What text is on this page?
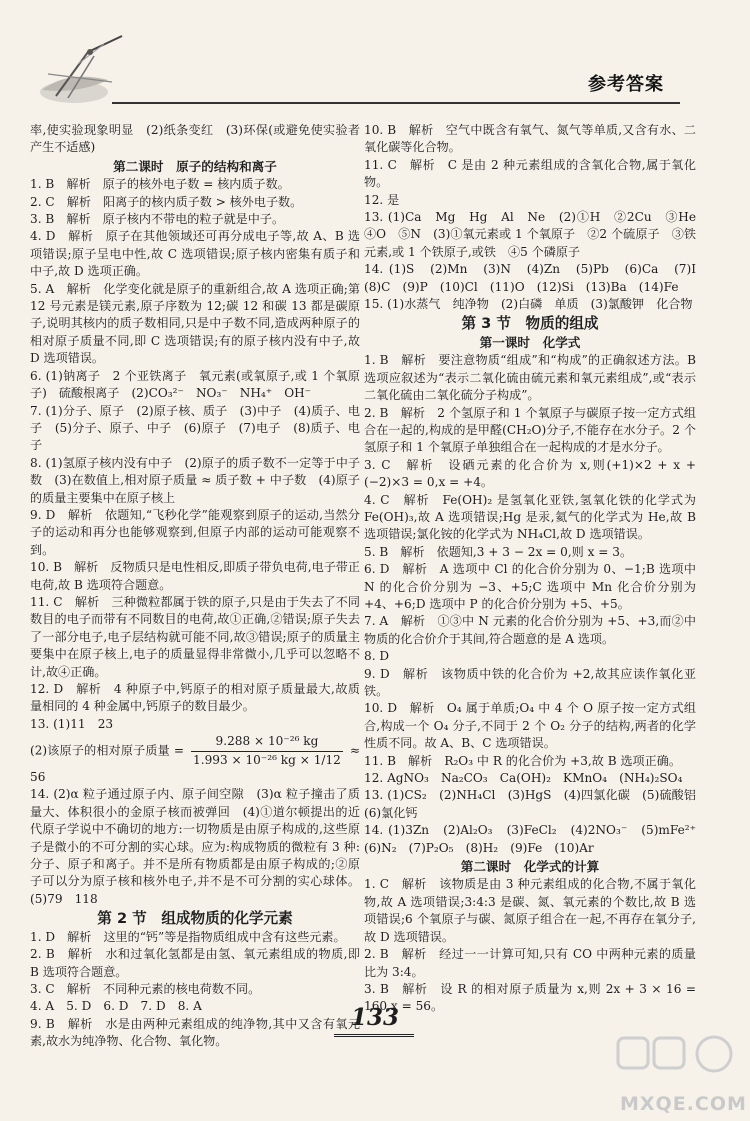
参考答案

率,使实验现象明显　(2)纸条变红　(3)环保(或避免使实验者产生不适感)

第二课时　原子的结构和离子

1. B　解析　原子的核外电子数 = 核内质子数。

2. C　解析　阳离子的核内质子数 > 核外电子数。

3. B　解析　原子核内不带电的粒子就是中子。

4. D　解析　原子在其他领域还可再分成电子等,故 A、B 选项错误;原子呈电中性,故 C 选项错误;原子核内密集有质子和中子,故 D 选项正确。

5. A　解析　化学变化就是原子的重新组合,故 A 选项正确;第 12 号元素是镁元素,原子序数为 12;碳 12 和碳 13 都是碳原子,说明其核内的质子数相同,只是中子数不同,造成两种原子的相对原子质量不同,即 C 选项错误;有的原子核内没有中子,故 D 选项错误。

6. (1)钠离子　2 个亚铁离子　氧元素(或氧原子,或 1 个氧原子)　硫酸根离子　(2)CO₃²⁻　NO₃⁻　NH₄⁺　OH⁻

7. (1)分子、原子　(2)原子核、质子　(3)中子　(4)质子、电子　(5)分子、原子、中子　(6)原子　(7)电子　(8)质子、电子

8. (1)氢原子核内没有中子　(2)原子的质子数不一定等于中子数　(3)在数值上,相对原子质量 ≈ 质子数 + 中子数　(4)原子的质量主要集中在原子核上

9. D　解析　依题知,“飞秒化学”能观察到原子的运动,当然分子的运动和再分也能够观察到,但原子内部的运动可能观察不到。

10. B　解析　反物质只是电性相反,即质子带负电荷,电子带正电荷,故 B 选项符合题意。

11. C　解析　三种微粒都属于铁的原子,只是由于失去了不同数目的电子而带有不同数目的电荷,故①正确,②错误;原子失去了一部分电子,电子层结构就可能不同,故③错误;原子的质量主要集中在原子核上,电子的质量显得非常微小,几乎可以忽略不计,故④正确。

12. D　解析　4 种原子中,钙原子的相对原子质量最大,故质量相同的 4 种金属中,钙原子的数目最少。

13. (1)11　23

(2)该原子的相对原子质量 = $\frac{\text{9.288 × 10⁻²⁶ kg}}{\text{1.993 × 10⁻²⁶ kg × 1/12}} \approx 56$

14. (2)α 粒子通过原子内、原子间空隙　(3)α 粒子撞击了质量大、体积很小的金原子核而被弹回　(4)①道尔顿提出的近代原子学说中不确切的地方:一切物质是由原子构成的,这些原子是微小的不可分割的实心球。应为:构成物质的微粒有 3 种:分子、原子和离子。并不是所有物质都是由原子构成的;②原子可以分为原子核和核外电子,并不是不可分割的实心球体。(5)79　118

第 2 节　组成物质的化学元素

1. D　解析　这里的“钙”等是指物质组成中含有这些元素。

2. B　解析　水和过氧化氢都是由氢、氧元素组成的物质,即 B 选项符合题意。

3. C　解析　不同种元素的核电荷数不同。

4. A　5. D　6. D　7. D　8. A

9. B　解析　水是由两种元素组成的纯净物,其中又含有氧元素,故水为纯净物、化合物、氧化物。

10. B　解析　空气中既含有氧气、氮气等单质,又含有水、二氧化碳等化合物。

11. C　解析　C 是由 2 种元素组成的含氧化合物,属于氧化物。

12. 是

13. (1)Ca　Mg　Hg　Al　Ne　(2)①H　②2Cu　③He　④O　⑤N　(3)①氧元素或 1 个氧原子　②2 个硫原子　③铁元素,或 1 个铁原子,或铁　④5 个磷原子

14. (1)S　(2)Mn　(3)N　(4)Zn　(5)Pb　(6)Ca　(7)I　(8)C　(9)P　(10)Cl　(11)O　(12)Si　(13)Ba　(14)Fe

15. (1)水蒸气　纯净物　(2)白磷　单质　(3)氯酸钾　化合物

第 3 节　物质的组成

第一课时　化学式

1. B　解析　要注意物质“组成”和“构成”的正确叙述方法。B 选项应叙述为“表示二氧化硫由硫元素和氧元素组成”,或“表示二氧化硫由二氧化硫分子构成”。

2. B　解析　2 个氢原子和 1 个氧原子与碳原子按一定方式组合在一起的,构成的是甲醛(CH₂O)分子,不能存在水分子。2 个氢原子和 1 个氧原子单独组合在一起构成的才是水分子。

3. C　解析　设硒元素的化合价为 x,则(+1)×2 + x + (−2)×3 = 0,x = +4。

4. C　解析　Fe(OH)₂ 是氢氧化亚铁,氢氧化铁的化学式为 Fe(OH)₃,故 A 选项错误;Hg 是汞,氦气的化学式为 He,故 B 选项错误;氯化铵的化学式为 NH₄Cl,故 D 选项错误。

5. B　解析　依题知,3 + 3 − 2x = 0,则 x = 3。

6. D　解析　A 选项中 Cl 的化合价分别为 0、−1;B 选项中 N 的化合价分别为 −3、+5;C 选项中 Mn 化合价分别为 +4、+6;D 选项中 P 的化合价分别为 +5、+5。

7. A　解析　①③中 N 元素的化合价分别为 +5、+3,而②中物质的化合价介于其间,符合题意的是 A 选项。

8. D

9. D　解析　该物质中铁的化合价为 +2,故其应读作氧化亚铁。

10. D　解析　O₄ 属于单质;O₄ 中 4 个 O 原子按一定方式组合,构成一个 O₄ 分子,不同于 2 个 O₂ 分子的结构,两者的化学性质不同。故 A、B、C 选项错误。

11. B　解析　R₂O₃ 中 R 的化合价为 +3,故 B 选项正确。

12. AgNO₃　Na₂CO₃　Ca(OH)₂　KMnO₄　(NH₄)₂SO₄

13. (1)CS₂　(2)NH₄Cl　(3)HgS　(4)四氯化碳　(5)硫酸铝　(6)氯化钙

14. (1)3Zn　(2)Al₂O₃　(3)FeCl₂　(4)2NO₃⁻　(5)mFe²⁺　(6)N₂　(7)P₂O₅　(8)H₂　(9)Fe　(10)Ar

第二课时　化学式的计算

1. C　解析　该物质是由 3 种元素组成的化合物,不属于氧化物,故 A 选项错误;3:4:3 是碳、氮、氧元素的个数比,故 B 选项错误;6 个氧原子与碳、氮原子组合在一起,不再存在氧分子,故 D 选项错误。

2. B　解析　经过一一计算可知,只有 CO 中两种元素的质量比为 3:4。

3. B　解析　设 R 的相对原子质量为 x,则 2x + 3 × 16 = 160,x = 56。

133
MXQE.COM
